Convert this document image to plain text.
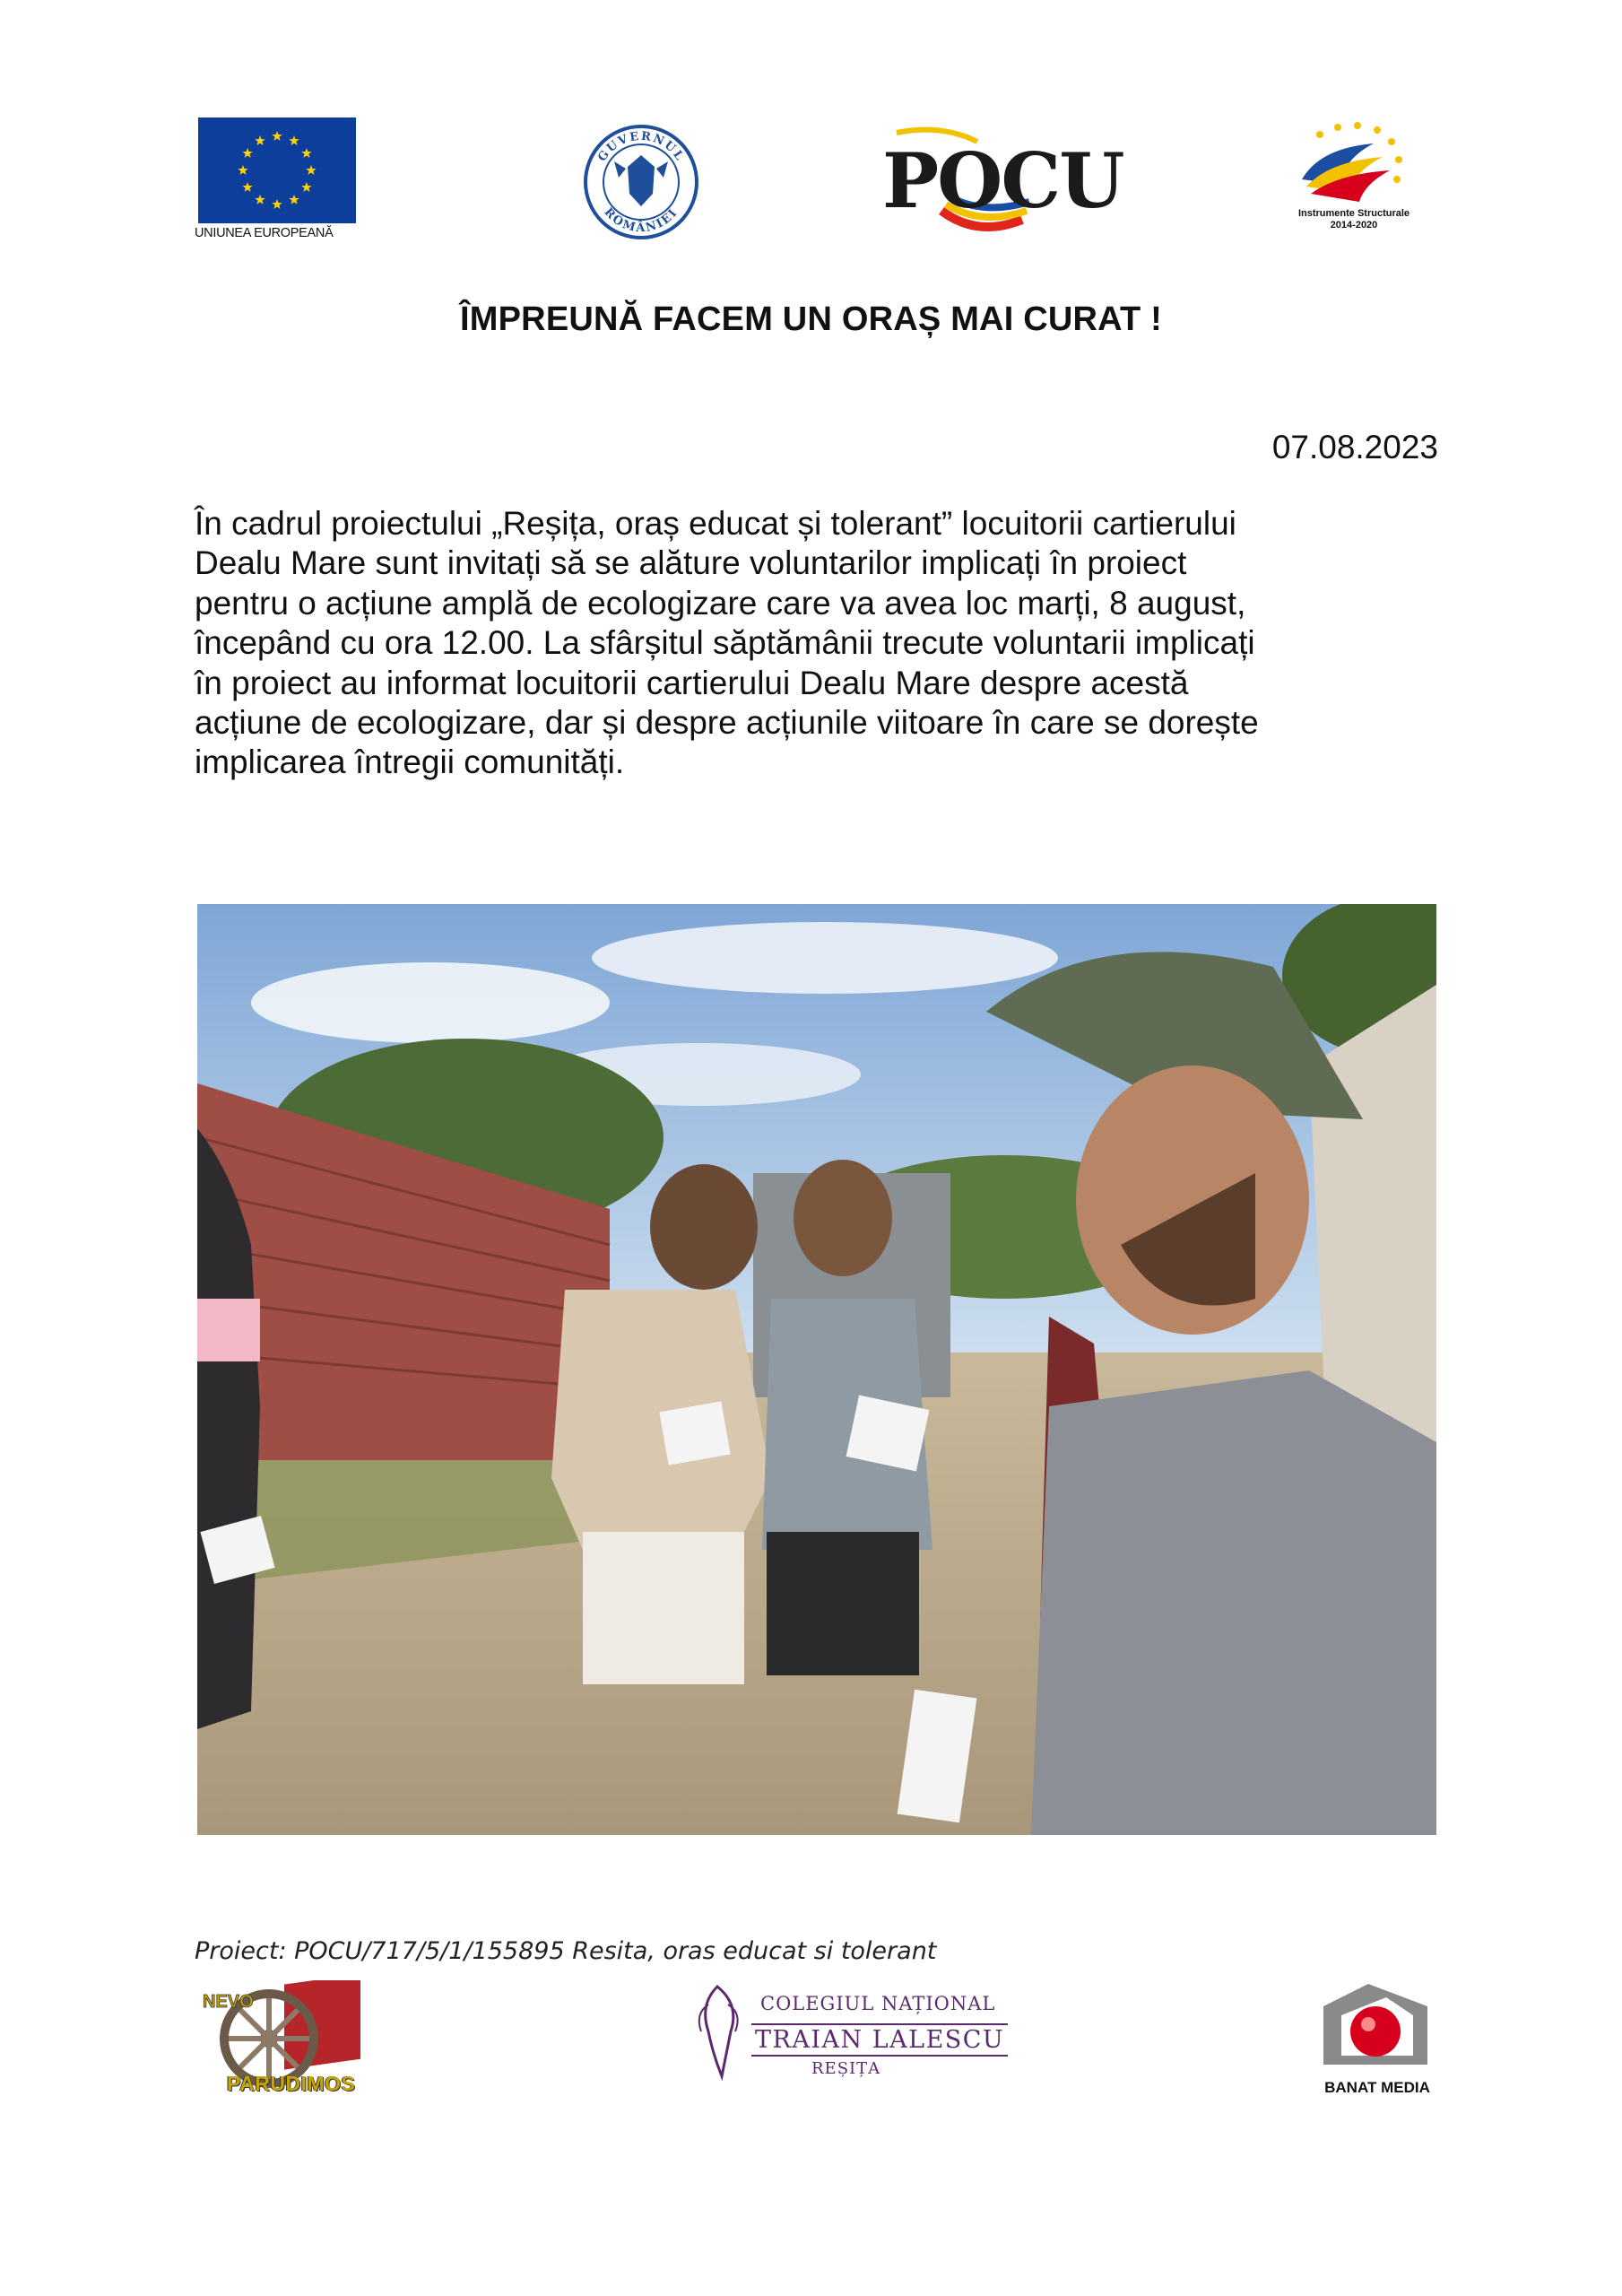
UNIUNEA EUROPEANĂ
GUVERNUL
ROMÂNIEI	POCU	Instrumente Structurale
2014-2020
ÎMPREUNĂ FACEM UN ORAȘ MAI CURAT !
07.08.2023

În cadrul proiectului „Reșița, oraș educat și tolerant” locuitorii cartierului
Dealu Mare sunt invitați să se alăture voluntarilor implicați în proiect
pentru o acțiune amplă de ecologizare care va avea loc marți, 8 august,
începând cu ora 12.00. La sfârșitul săptămânii trecute voluntarii implicați
în proiect au informat locuitorii cartierului Dealu Mare despre acestă
acțiune de ecologizare, dar și despre acțiunile viitoare în care se dorește
implicarea întregii comunități.

Proiect: POCU/717/5/1/155895 Resita, oras educat si tolerant
NEVO
PARUDIMOS
COLEGIUL NAȚIONAL
TRAIAN LALESCU
REȘIȚA
BANAT MEDIA
